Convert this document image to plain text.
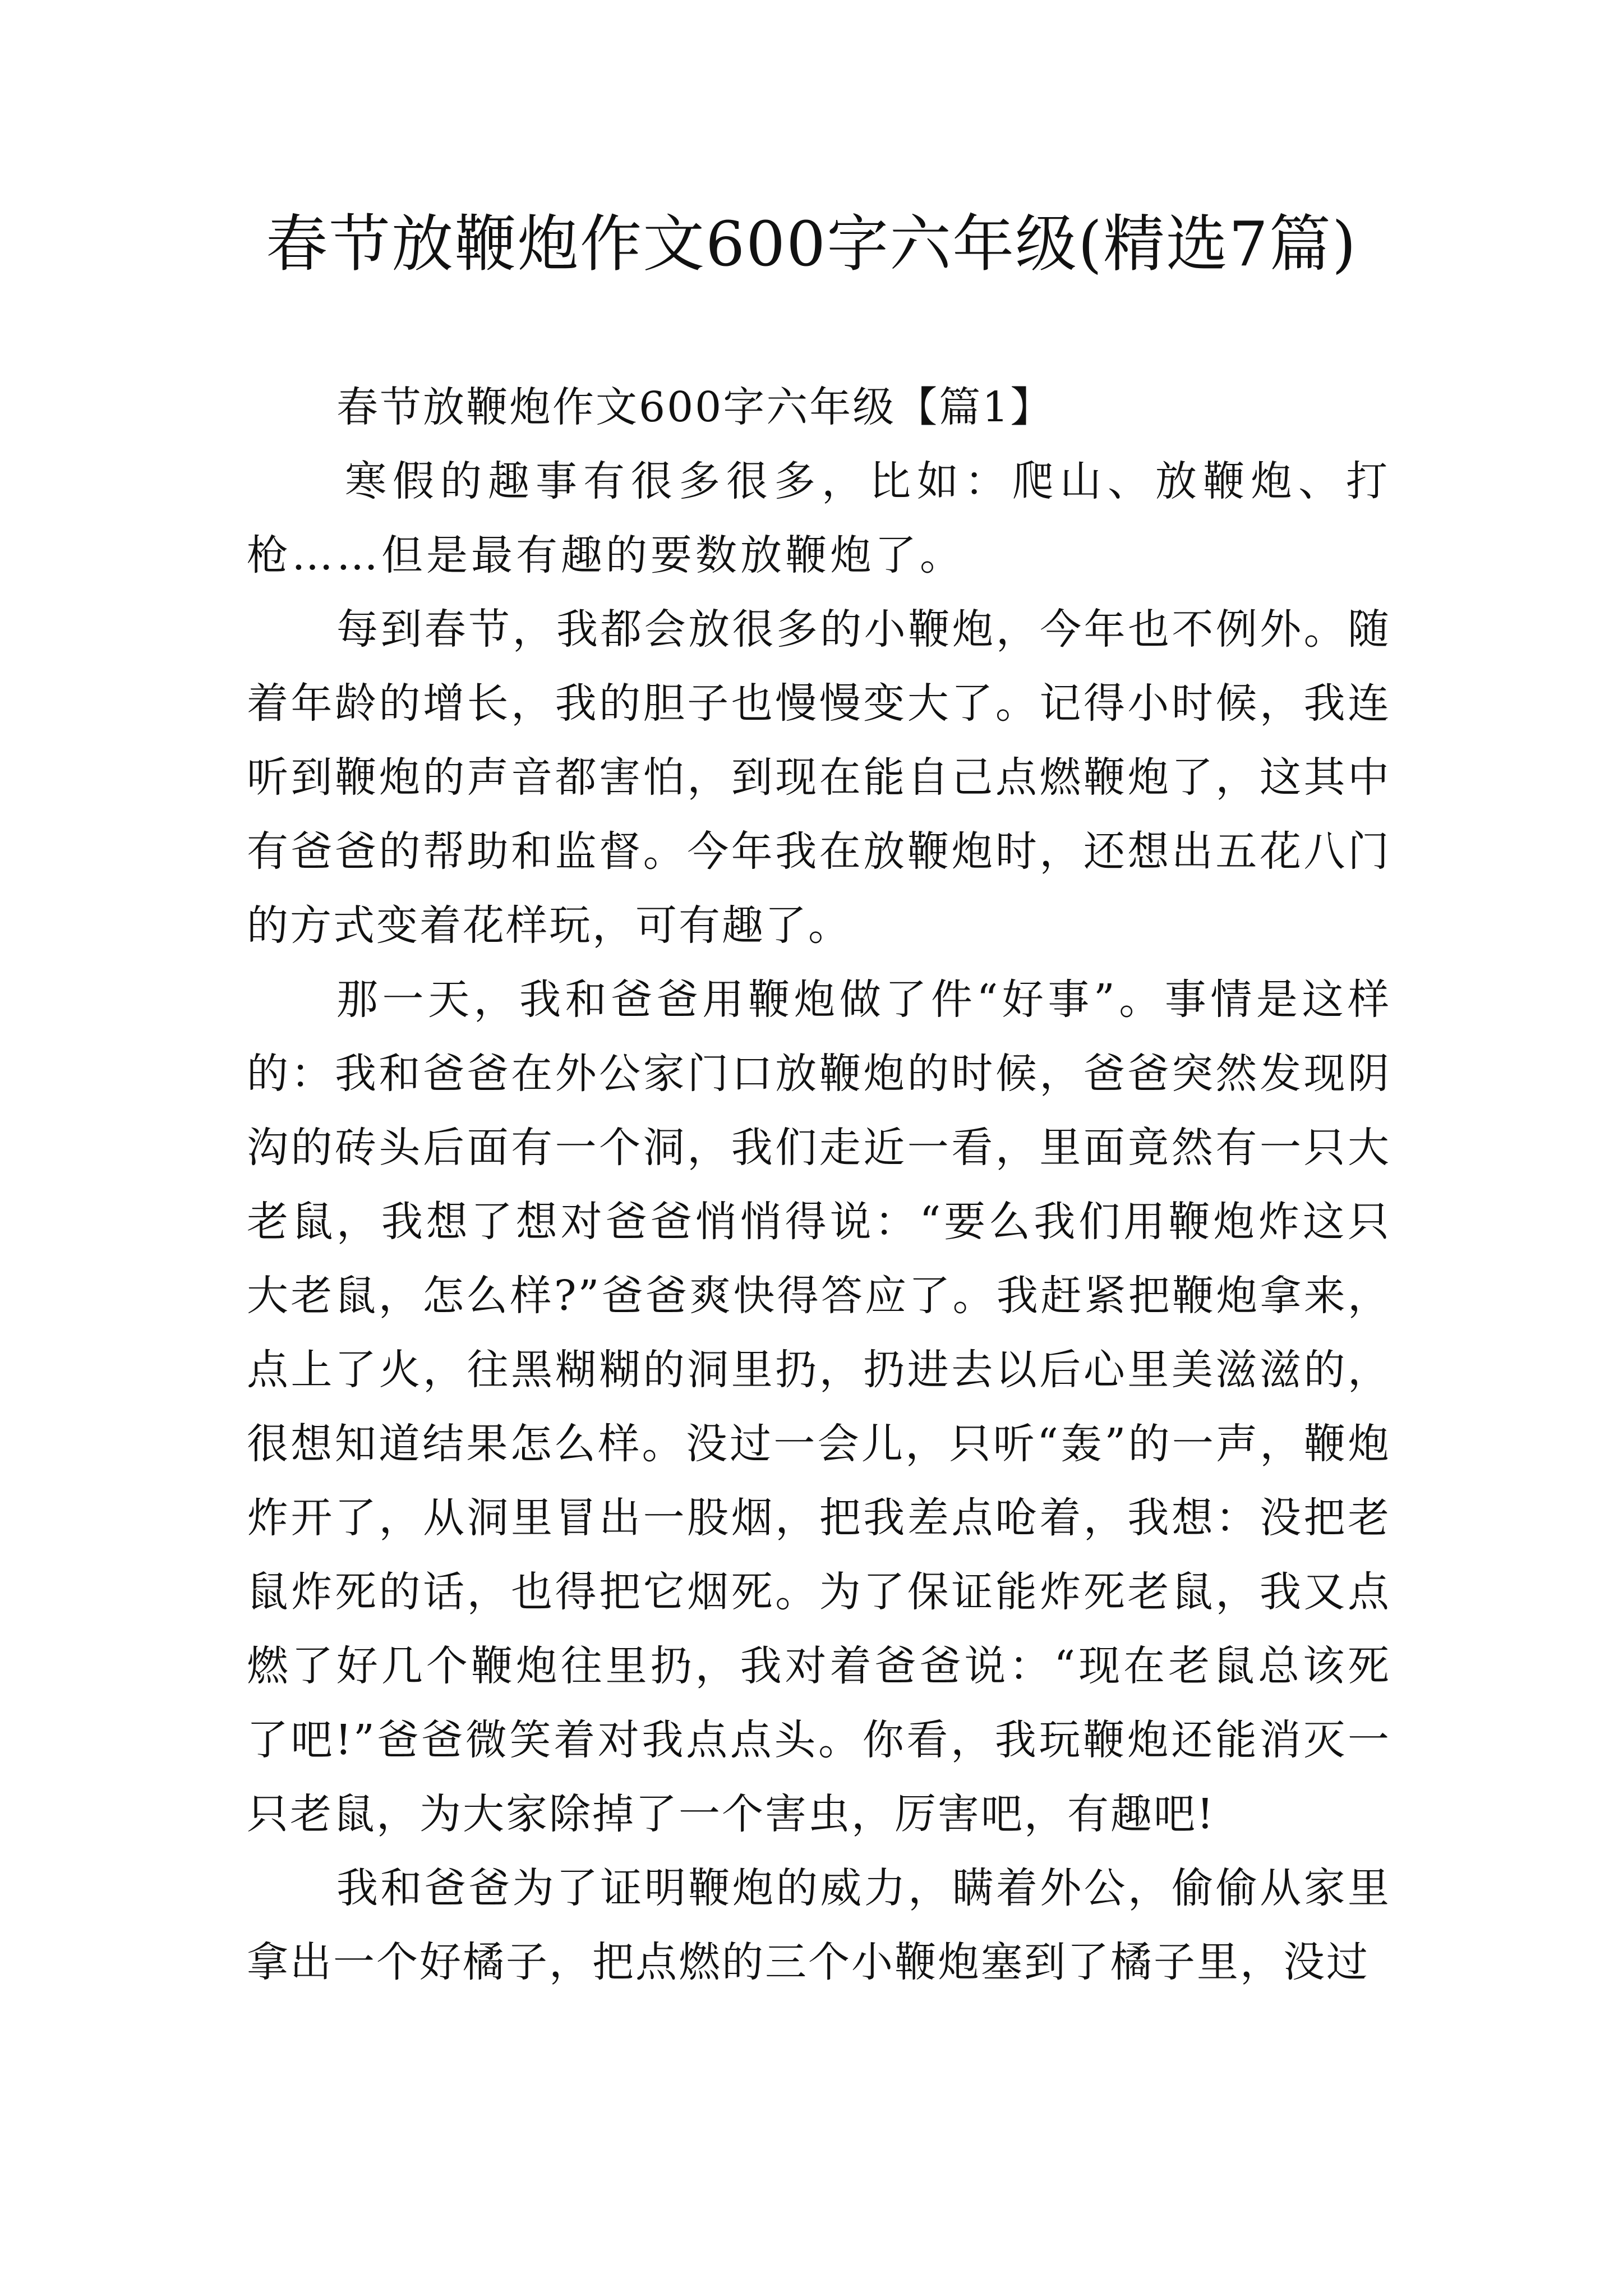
春节放鞭炮作文600字六年级(精选7篇)
春节放鞭炮作文600字六年级【篇1】

寒假的趣事有很多很多，比如：爬山、放鞭炮、打枪……但是最有趣的要数放鞭炮了。

每到春节，我都会放很多的小鞭炮，今年也不例外。随着年龄的增长，我的胆子也慢慢变大了。记得小时候，我连听到鞭炮的声音都害怕，到现在能自己点燃鞭炮了，这其中有爸爸的帮助和监督。今年我在放鞭炮时，还想出五花八门的方式变着花样玩，可有趣了。

那一天，我和爸爸用鞭炮做了件“好事”。事情是这样的：我和爸爸在外公家门口放鞭炮的时候，爸爸突然发现阴沟的砖头后面有一个洞，我们走近一看，里面竟然有一只大老鼠，我想了想对爸爸悄悄得说：“要么我们用鞭炮炸这只大老鼠，怎么样?”爸爸爽快得答应了。我赶紧把鞭炮拿来，点上了火，往黑糊糊的洞里扔，扔进去以后心里美滋滋的，很想知道结果怎么样。没过一会儿，只听“轰”的一声，鞭炮炸开了，从洞里冒出一股烟，把我差点呛着，我想：没把老鼠炸死的话，也得把它烟死。为了保证能炸死老鼠，我又点燃了好几个鞭炮往里扔，我对着爸爸说：“现在老鼠总该死了吧!”爸爸微笑着对我点点头。你看，我玩鞭炮还能消灭一只老鼠，为大家除掉了一个害虫，厉害吧，有趣吧!

我和爸爸为了证明鞭炮的威力，瞒着外公，偷偷从家里拿出一个好橘子，把点燃的三个小鞭炮塞到了橘子里，没过
